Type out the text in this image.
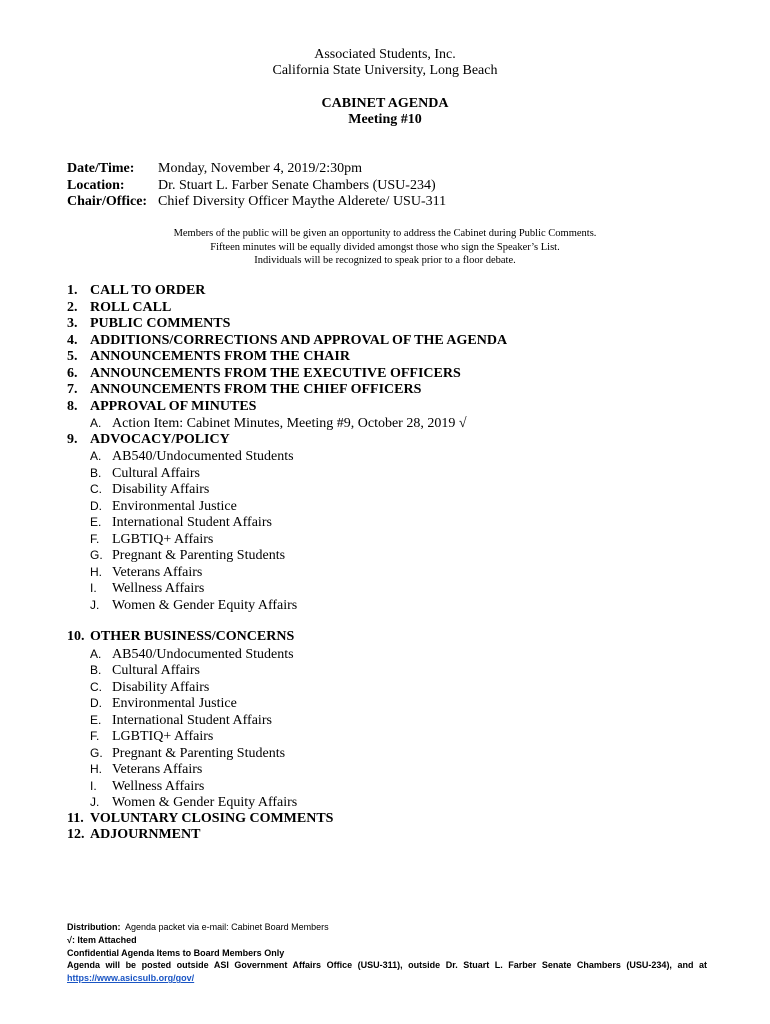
Associated Students, Inc.
California State University, Long Beach
CABINET AGENDA
Meeting #10
Date/Time: Monday, November 4, 2019/2:30pm
Location: Dr. Stuart L. Farber Senate Chambers (USU-234)
Chair/Office: Chief Diversity Officer Maythe Alderete/ USU-311
Members of the public will be given an opportunity to address the Cabinet during Public Comments.
Fifteen minutes will be equally divided amongst those who sign the Speaker’s List.
Individuals will be recognized to speak prior to a floor debate.
1. CALL TO ORDER
2. ROLL CALL
3. PUBLIC COMMENTS
4. ADDITIONS/CORRECTIONS AND APPROVAL OF THE AGENDA
5. ANNOUNCEMENTS FROM THE CHAIR
6. ANNOUNCEMENTS FROM THE EXECUTIVE OFFICERS
7. ANNOUNCEMENTS FROM THE CHIEF OFFICERS
8. APPROVAL OF MINUTES
A. Action Item: Cabinet Minutes, Meeting #9, October 28, 2019 √
9. ADVOCACY/POLICY
A. AB540/Undocumented Students
B. Cultural Affairs
C. Disability Affairs
D. Environmental Justice
E. International Student Affairs
F. LGBTIQ+ Affairs
G. Pregnant & Parenting Students
H. Veterans Affairs
I. Wellness Affairs
J. Women & Gender Equity Affairs
10. OTHER BUSINESS/CONCERNS
A. AB540/Undocumented Students
B. Cultural Affairs
C. Disability Affairs
D. Environmental Justice
E. International Student Affairs
F. LGBTIQ+ Affairs
G. Pregnant & Parenting Students
H. Veterans Affairs
I. Wellness Affairs
J. Women & Gender Equity Affairs
11. VOLUNTARY CLOSING COMMENTS
12. ADJOURNMENT
Distribution: Agenda packet via e-mail: Cabinet Board Members
√: Item Attached
Confidential Agenda Items to Board Members Only
Agenda will be posted outside ASI Government Affairs Office (USU-311), outside Dr. Stuart L. Farber Senate Chambers (USU-234), and at
https://www.asicsulb.org/gov/
